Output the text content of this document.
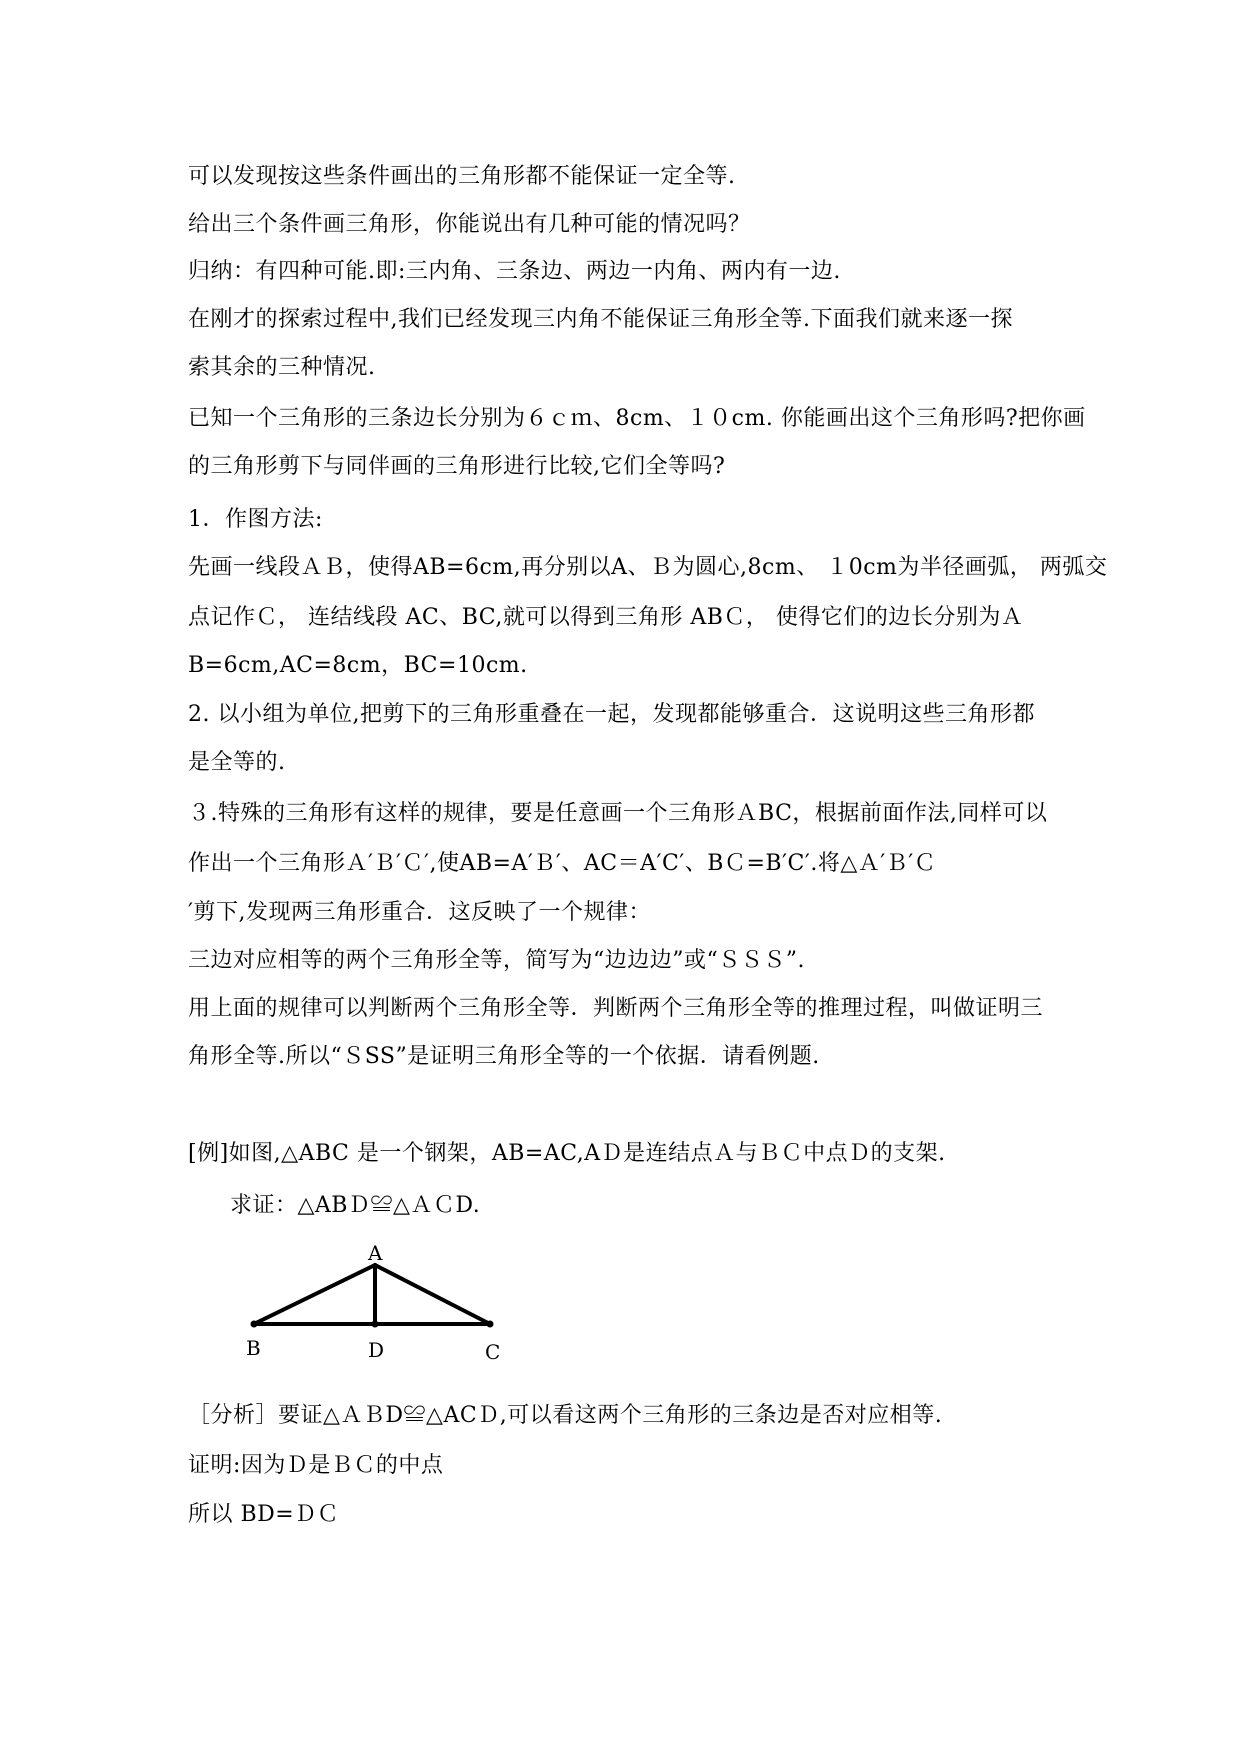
可以发现按这些条件画出的三角形都不能保证一定全等.
给出三个条件画三角形，你能说出有几种可能的情况吗？
归纳：有四种可能.即:三内角、三条边、两边一内角、两内有一边.
在刚才的探索过程中,我们已经发现三内角不能保证三角形全等.下面我们就来逐一探
索其余的三种情况.
已知一个三角形的三条边长分别为６ｃｍ、8cm、１０cm. 你能画出这个三角形吗?把你画
的三角形剪下与同伴画的三角形进行比较,它们全等吗?
1．作图方法:
先画一线段ＡＢ，使得AB=6cm,再分别以A、Ｂ为圆心,8cm、 １0cm为半径画弧， 两弧交
点记作Ｃ， 连结线段 AC、BC,就可以得到三角形 ABＣ， 使得它们的边长分别为Ａ
B=6cm,AC=8cm，BC=10cm.
2. 以小组为单位,把剪下的三角形重叠在一起，发现都能够重合．这说明这些三角形都
是全等的.
３.特殊的三角形有这样的规律，要是任意画一个三角形ＡBC，根据前面作法,同样可以
作出一个三角形Ａ′Ｂ′Ｃ′,使AB=A′Ｂ′、AC＝A′C′、BＣ=B′C′.将△Ａ′Ｂ′Ｃ
′剪下,发现两三角形重合．这反映了一个规律：
三边对应相等的两个三角形全等，简写为“边边边”或“ＳＳＳ”.
用上面的规律可以判断两个三角形全等．判断两个三角形全等的推理过程，叫做证明三
角形全等.所以“ＳSS”是证明三角形全等的一个依据．请看例题.
[例]如图,△ABC 是一个钢架，AB=AC,AＤ是连结点Ａ与ＢＣ中点Ｄ的支架.
求证：△ABＤ≌△ＡＣD.
A
B	D	C
［分析］要证△ＡＢD≌△ACＤ,可以看这两个三角形的三条边是否对应相等.
证明:因为Ｄ是ＢＣ的中点
所以 BD=ＤＣ
